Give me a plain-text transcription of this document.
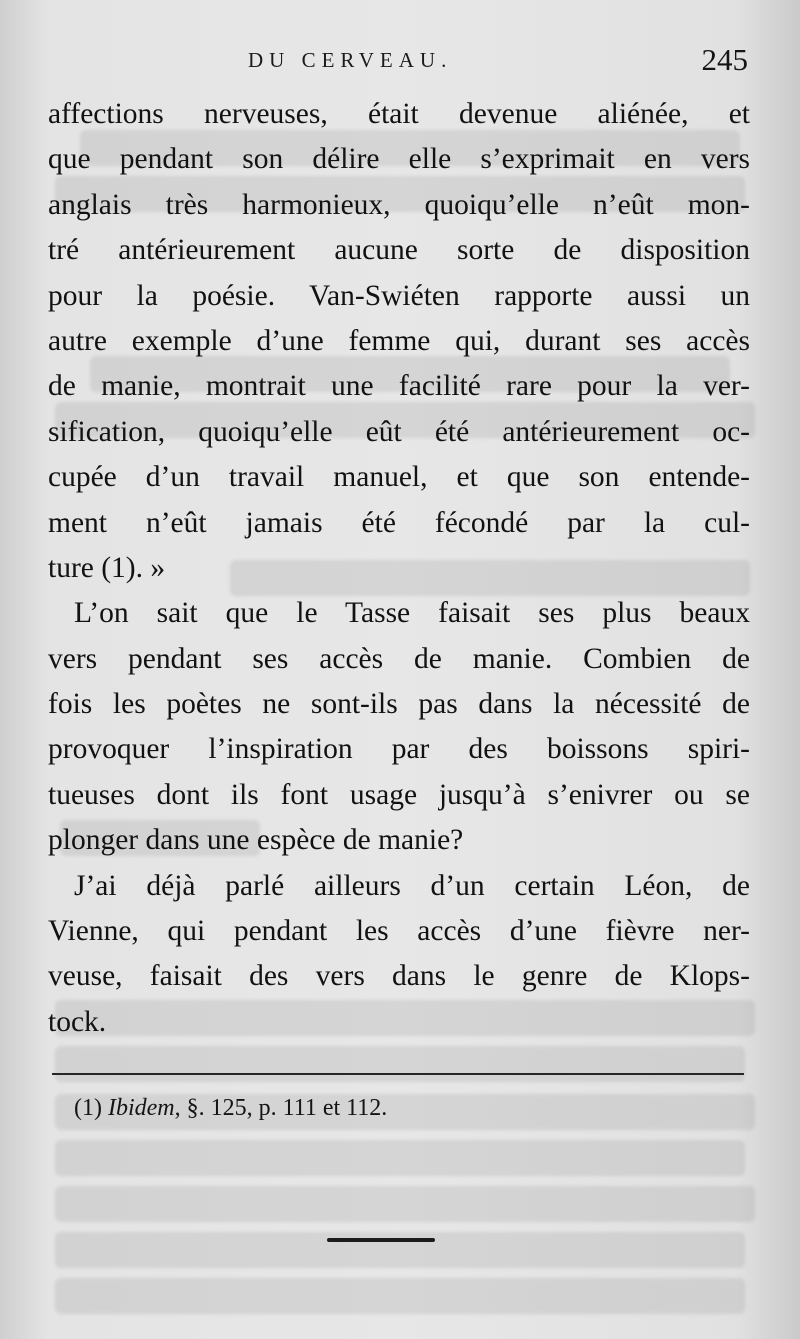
DU CERVEAU.	245
affections nerveuses, était devenue aliénée, et
que pendant son délire elle s’exprimait en vers
anglais très harmonieux, quoiqu’elle n’eût mon-
tré antérieurement aucune sorte de disposition
pour la poésie. Van-Swiéten rapporte aussi un
autre exemple d’une femme qui, durant ses accès
de manie, montrait une facilité rare pour la ver-
sification, quoiqu’elle eût été antérieurement oc-
cupée d’un travail manuel, et que son entende-
ment n’eût jamais été fécondé par la cul-
ture (1). »
L’on sait que le Tasse faisait ses plus beaux
vers pendant ses accès de manie. Combien de
fois les poètes ne sont-ils pas dans la nécessité de
provoquer l’inspiration par des boissons spiri-
tueuses dont ils font usage jusqu’à s’enivrer ou se
plonger dans une espèce de manie?
J’ai déjà parlé ailleurs d’un certain Léon, de
Vienne, qui pendant les accès d’une fièvre ner-
veuse, faisait des vers dans le genre de Klops-
tock.
(1) Ibidem, §. 125, p. 111 et 112.
